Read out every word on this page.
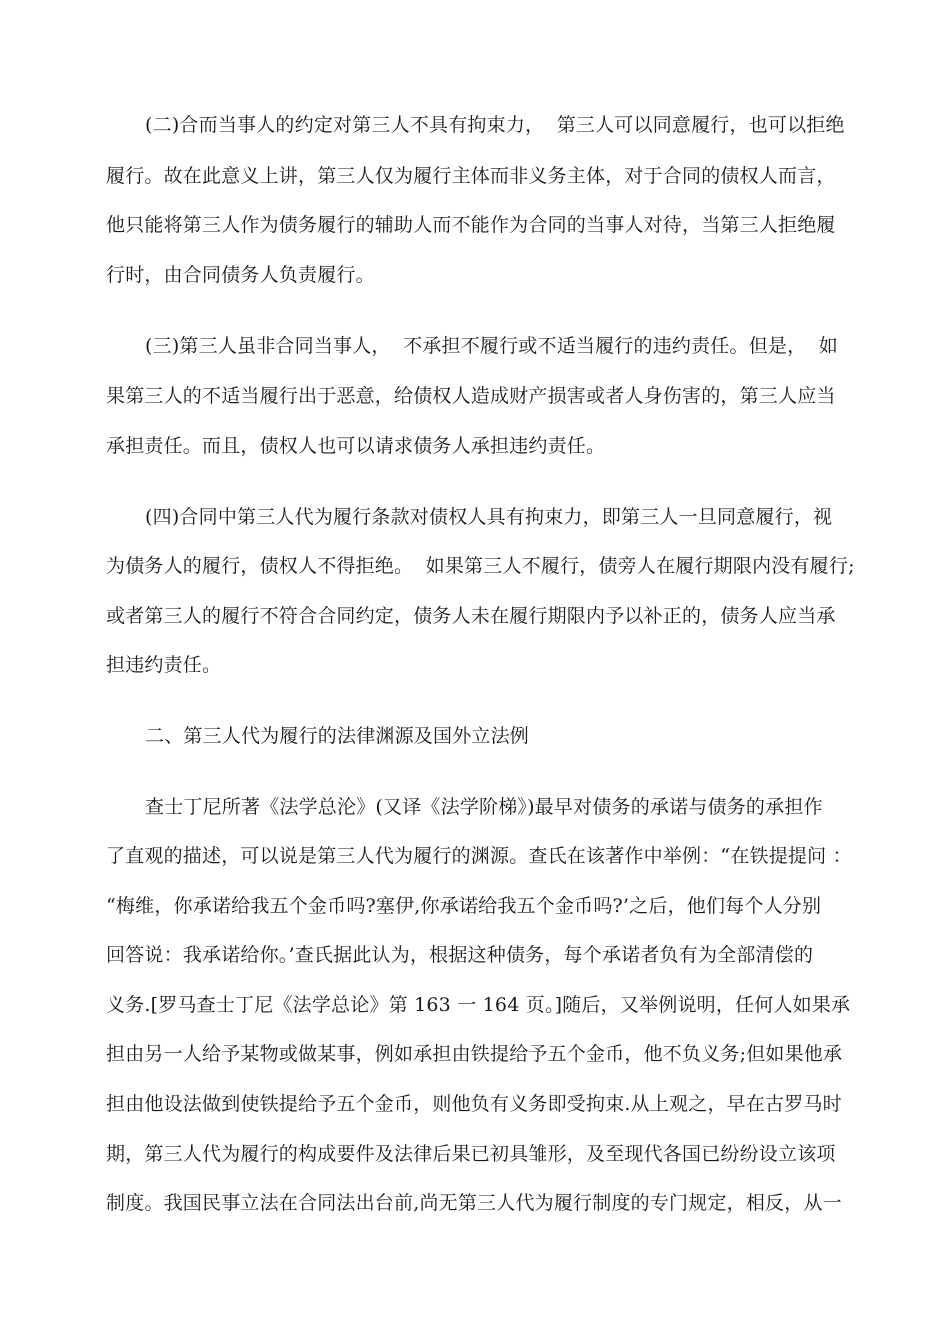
(二)合而当事人的约定对第三人不具有拘束力，  第三人可以同意履行，也可以拒绝
履行。故在此意义上讲，第三人仅为履行主体而非义务主体，对于合同的债权人而言，
他只能将第三人作为债务履行的辅助人而不能作为合同的当事人对待，当第三人拒绝履
行时，由合同债务人负责履行。
(三)第三人虽非合同当事人，  不承担不履行或不适当履行的违约责任。但是，  如
果第三人的不适当履行出于恶意，给债权人造成财产损害或者人身伤害的，第三人应当
承担责任。而且，债权人也可以请求债务人承担违约责任。
(四)合同中第三人代为履行条款对债权人具有拘束力，即第三人一旦同意履行，视
为债务人的履行，债权人不得拒绝。  如果第三人不履行，债旁人在履行期限内没有履行;
或者第三人的履行不符合合同约定，债务人未在履行期限内予以补正的，债务人应当承
担违约责任。
二、第三人代为履行的法律渊源及国外立法例
查士丁尼所著《法学总沦》(又译《法学阶梯》)最早对债务的承诺与债务的承担作
了直观的描述，可以说是第三人代为履行的渊源。查氏在该著作中举例：“在铁提提问 ：
“梅维，你承诺给我五个金币吗?塞伊,你承诺给我五个金币吗?’之后，他们每个人分别
回答说：我承诺给你。’查氏据此认为，根据这种债务，每个承诺者负有为全部清偿的
义务.[罗马查士丁尼《法学总论》第 163 一 164 页。]随后，又举例说明，任何人如果承
担由另一人给予某物或做某事，例如承担由铁提给予五个金币，他不负义务;但如果他承
担由他设法做到使铁提给予五个金币，则他负有义务即受拘束.从上观之，早在古罗马时
期，第三人代为履行的构成要件及法律后果已初具雏形，及至现代各国已纷纷设立该项
制度。我国民事立法在合同法出台前,尚无第三人代为履行制度的专门规定，相反，从一
